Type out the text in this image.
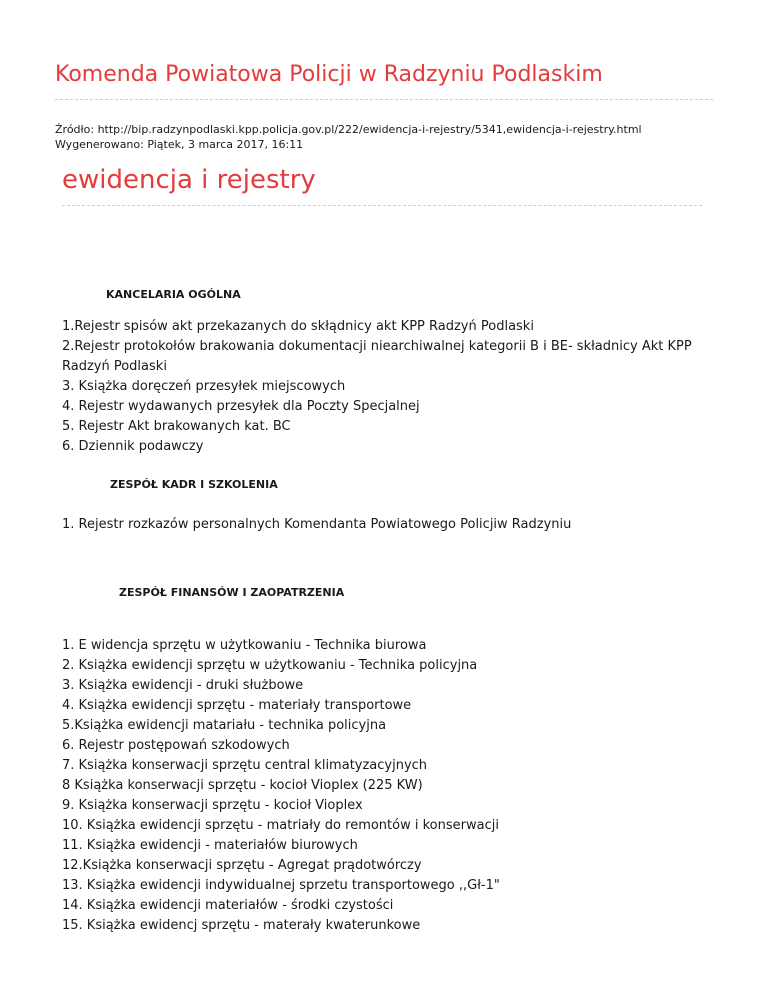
Komenda Powiatowa Policji w Radzyniu Podlaskim
Źródło: http://bip.radzynpodlaski.kpp.policja.gov.pl/222/ewidencja-i-rejestry/5341,ewidencja-i-rejestry.html
Wygenerowano: Piątek, 3 marca 2017, 16:11
ewidencja i rejestry
KANCELARIA OGÓLNA
1.Rejestr spisów akt przekazanych do skłądnicy akt KPP Radzyń Podlaski
2.Rejestr protokołów brakowania dokumentacji niearchiwalnej kategorii B i BE- składnicy Akt KPP Radzyń Podlaski
3. Książka doręczeń przesyłek miejscowych
4. Rejestr wydawanych przesyłek dla Poczty Specjalnej
5. Rejestr Akt brakowanych kat. BC
6. Dziennik podawczy
ZESPÓŁ KADR I SZKOLENIA
1. Rejestr rozkazów personalnych Komendanta Powiatowego Policjiw Radzyniu
ZESPÓŁ FINANSÓW I ZAOPATRZENIA
1. E widencja sprzętu w użytkowaniu - Technika biurowa
2. Książka ewidencji sprzętu w użytkowaniu - Technika policyjna
3. Książka ewidencji - druki służbowe
4. Książka ewidencji sprzętu - materiały transportowe
5.Książka ewidencji matariału - technika policyjna
6. Rejestr postępowań szkodowych
7. Książka konserwacji sprzętu central klimatyzacyjnych
8 Książka konserwacji sprzętu - kocioł Vioplex (225 KW)
9. Książka konserwacji sprzętu - kocioł Vioplex
10. Książka ewidencji sprzętu - matriały do remontów i konserwacji
11. Książka ewidencji - materiałów biurowych
12.Książka konserwacji sprzętu - Agregat prądotwórczy
13. Książka ewidencji indywidualnej sprzetu transportowego ,,Gł-1"
14. Książka ewidencji materiałów - środki czystości
15. Książka ewidencj sprzętu - materały kwaterunkowe
